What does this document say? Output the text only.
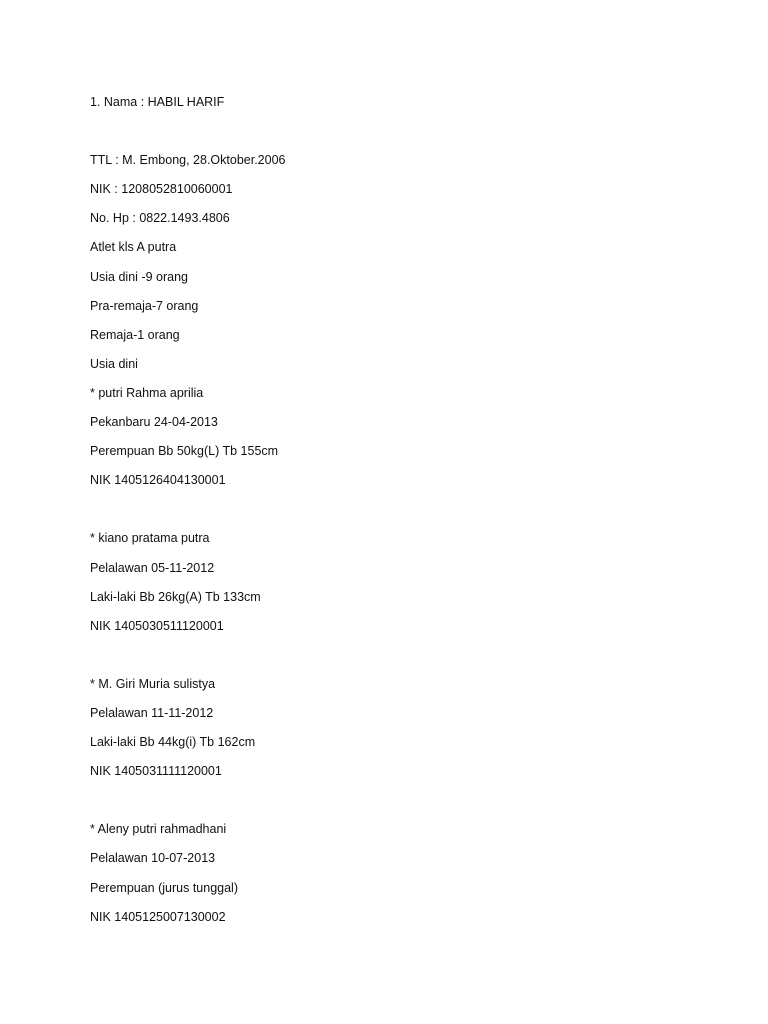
1. Nama : HABIL HARIF
TTL : M. Embong, 28.Oktober.2006
NIK : 1208052810060001
No. Hp : 0822.1493.4806
Atlet kls A putra
Usia dini -9 orang
Pra-remaja-7 orang
Remaja-1 orang
Usia dini
* putri Rahma aprilia
Pekanbaru 24-04-2013
Perempuan Bb 50kg(L) Tb 155cm
NIK 1405126404130001
* kiano pratama putra
Pelalawan 05-11-2012
Laki-laki Bb 26kg(A) Tb 133cm
NIK 1405030511120001
* M. Giri Muria sulistya
Pelalawan 11-11-2012
Laki-laki Bb 44kg(i) Tb 162cm
NIK 1405031111120001
* Aleny putri rahmadhani
Pelalawan 10-07-2013
Perempuan (jurus tunggal)
NIK 1405125007130002
